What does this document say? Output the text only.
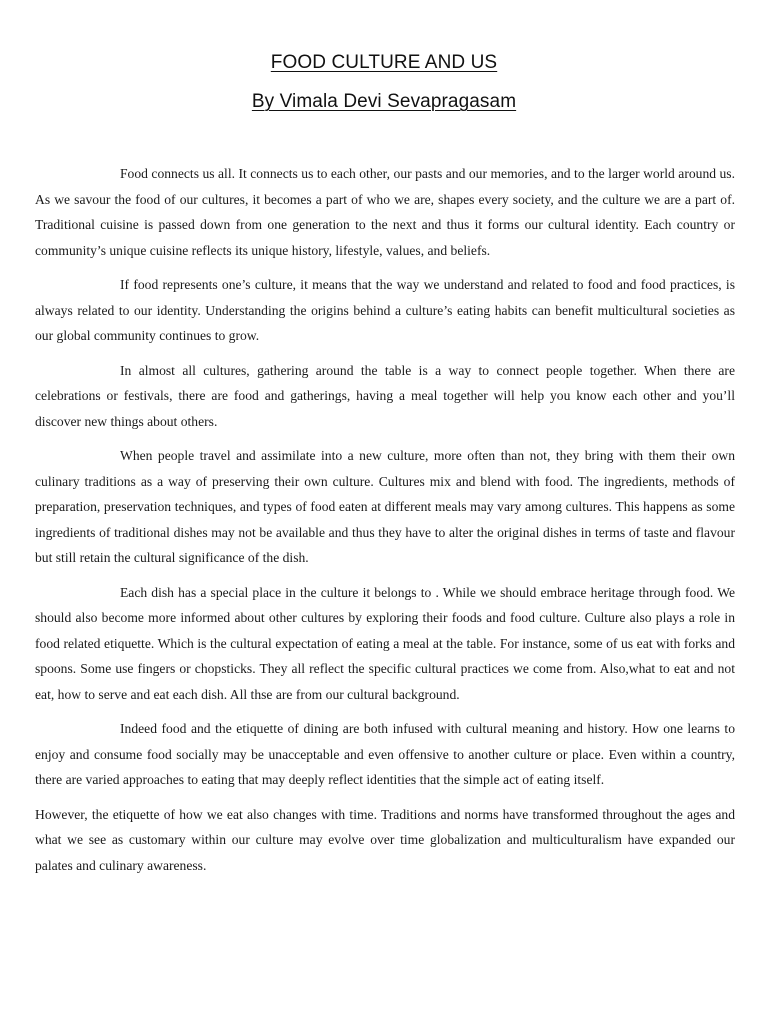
FOOD CULTURE AND US
By Vimala Devi Sevapragasam

Food connects us all. It connects us to each other, our pasts and our memories, and to the larger world around us. As we savour the food of our cultures, it becomes a part of who we are, shapes every society, and the culture we are a part of. Traditional cuisine is passed down from one generation to the next and thus it forms our cultural identity. Each country or community’s unique cuisine reflects its unique history, lifestyle, values, and beliefs.

If food represents one’s culture, it means that the way we understand and related to food and food practices, is always related to our identity. Understanding the origins behind a culture’s eating habits can benefit multicultural societies as our global community continues to grow.

In almost all cultures, gathering around the table is a way to connect people together. When there are celebrations or festivals, there are food and gatherings, having a meal together will help you know each other and you’ll discover new things about others.

When people travel and assimilate into a new culture, more often than not, they bring with them their own culinary traditions as a way of preserving their own culture. Cultures mix and blend with food. The ingredients, methods of preparation, preservation techniques, and types of food eaten at different meals may vary among cultures. This happens as some ingredients of traditional dishes may not be available and thus they have to alter the original dishes in terms of taste and flavour but still retain the cultural significance of the dish.

Each dish has a special place in the culture it belongs to . While we should embrace heritage through food. We should also become more informed about other cultures by exploring their foods and food culture. Culture also plays a role in food related etiquette. Which is the cultural expectation of eating a meal at the table. For instance, some of us eat with forks and spoons. Some use fingers or chopsticks. They all reflect the specific cultural practices we come from. Also,what to eat and not eat, how to serve and eat each dish. All thse are from our cultural background.

Indeed food and the etiquette of dining are both infused with cultural meaning and history. How one learns to enjoy and consume food socially may be unacceptable and even offensive to another culture or place. Even within a country, there are varied approaches to eating that may deeply reflect identities that the simple act of eating itself.

However, the etiquette of how we eat also changes with time. Traditions and norms have transformed throughout the ages and what we see as customary within our culture may evolve over time globalization and multiculturalism have expanded our palates and culinary awareness.
